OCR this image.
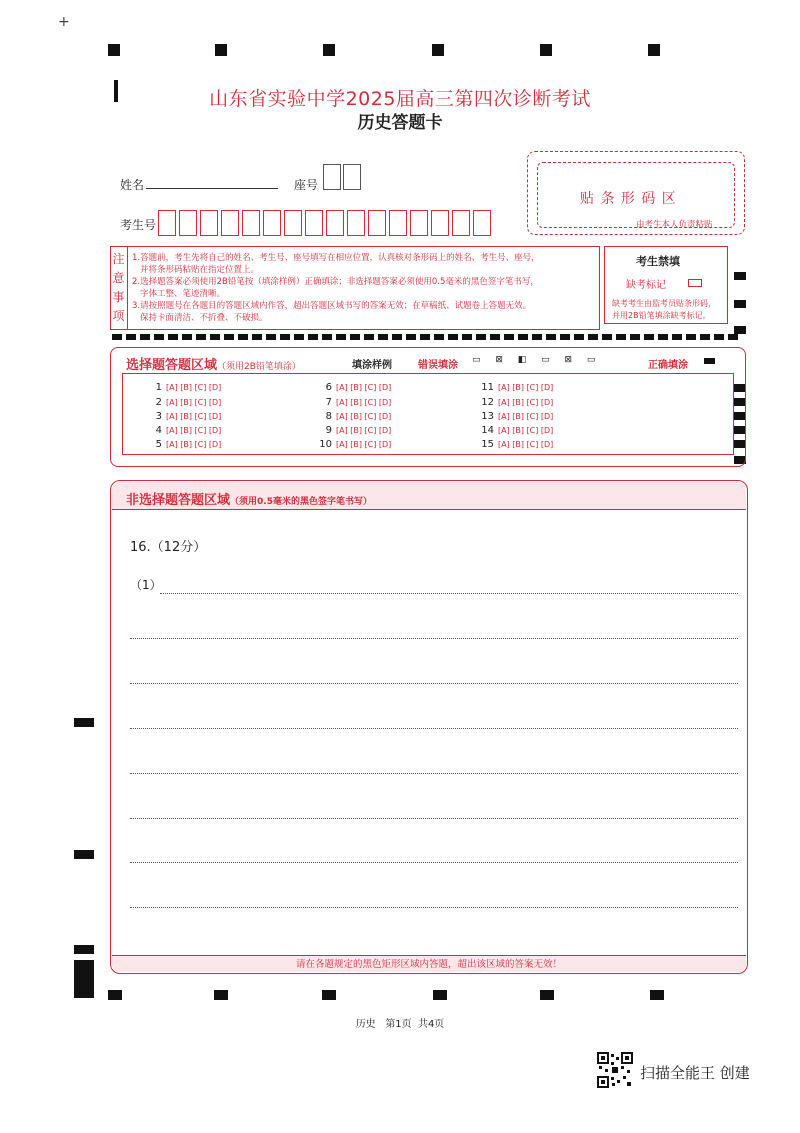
+
山东省实验中学2025届高三第四次诊断考试
历史答题卡
姓名	座号
考生号
贴 条 形 码 区
由考生本人负责粘贴
注
意
事
项
1.答题前，考生先将自己的姓名、考生号、座号填写在相应位置，认真核对条形码上的姓名、考生号、座号，
并将条形码粘贴在指定位置上。
2.选择题答案必须使用2B铅笔按（填涂样例）正确填涂；非选择题答案必须使用0.5毫米的黑色签字笔书写，
字体工整、笔迹清晰。
3.请按照题号在各题目的答题区域内作答，超出答题区域书写的答案无效；在草稿纸、试题卷上答题无效。
保持卡面清洁、不折叠、不破损。
考生禁填
缺考标记
缺考考生由监考员贴条形码，
并用2B铅笔填涂缺考标记。
选择题答题区域（须用2B铅笔填涂）	填涂样例	错误填涂 ▭ ⊠ ◧ ▭ ⊠ ▭	正确填涂
1 [A] [B] [C] [D]
2 [A] [B] [C] [D]
3 [A] [B] [C] [D]
4 [A] [B] [C] [D]
5 [A] [B] [C] [D]
6 [A] [B] [C] [D]
7 [A] [B] [C] [D]
8 [A] [B] [C] [D]
9 [A] [B] [C] [D]
10 [A] [B] [C] [D]
11 [A] [B] [C] [D]
12 [A] [B] [C] [D]
13 [A] [B] [C] [D]
14 [A] [B] [C] [D]
15 [A] [B] [C] [D]
非选择题答题区域（须用0.5毫米的黑色签字笔书写）
16.（12分）
（1）
请在各题规定的黑色矩形区域内答题，超出该区域的答案无效！
历史   第1页  共4页
扫描全能王 创建
